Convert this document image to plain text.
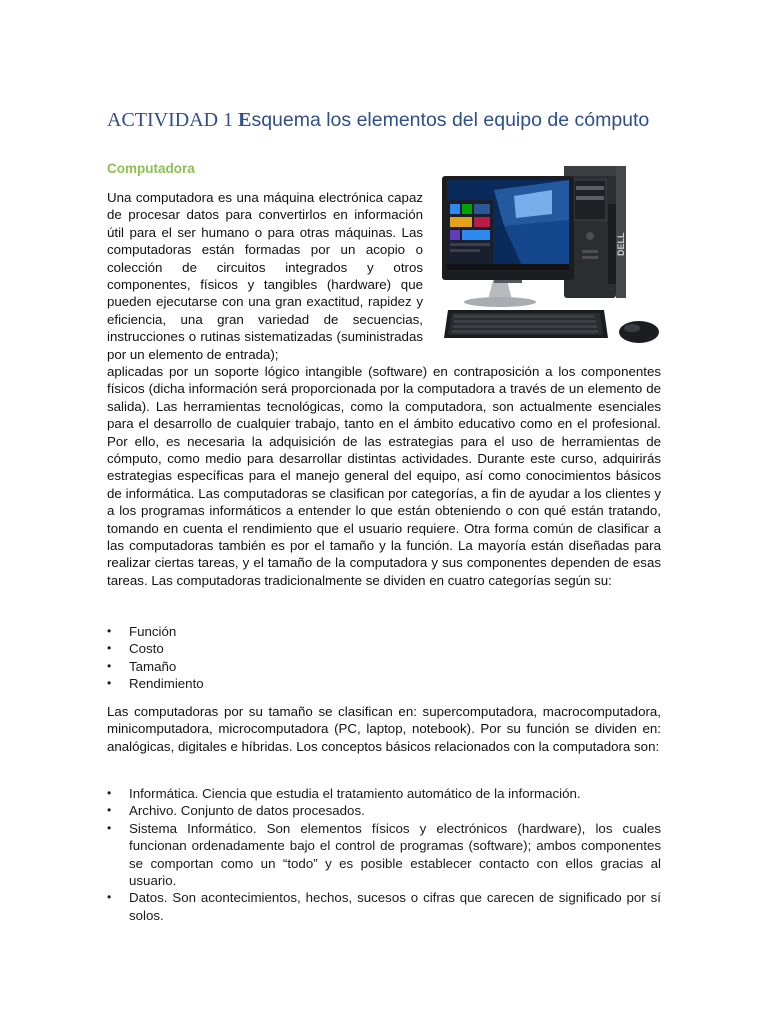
ACTIVIDAD 1 Esquema los elementos del equipo de cómputo
Computadora
DELL
Una computadora es una máquina electrónica capaz de procesar datos para convertirlos en información útil para el ser humano o para otras máquinas. Las computadoras están formadas por un acopio o colección de circuitos integrados y otros componentes, físicos y tangibles (hardware) que pueden ejecutarse con una gran exactitud, rapidez y eficiencia, una gran variedad de secuencias, instrucciones o rutinas sistematizadas (suministradas por un elemento de entrada);
aplicadas por un soporte lógico intangible (software) en contraposición a los componentes físicos (dicha información será proporcionada por la computadora a través de un elemento de salida). Las herramientas tecnológicas, como la computadora, son actualmente esenciales para el desarrollo de cualquier trabajo, tanto en el ámbito educativo como en el profesional. Por ello, es necesaria la adquisición de las estrategias para el uso de herramientas de cómputo, como medio para desarrollar distintas actividades. Durante este curso, adquirirás estrategias específicas para el manejo general del equipo, así como conocimientos básicos de informática. Las computadoras se clasifican por categorías, a fin de ayudar a los clientes y a los programas informáticos a entender lo que están obteniendo o con qué están tratando, tomando en cuenta el rendimiento que el usuario requiere. Otra forma común de clasificar a las computadoras también es por el tamaño y la función. La mayoría están diseñadas para realizar ciertas tareas, y el tamaño de la computadora y sus componentes dependen de esas tareas. Las computadoras tradicionalmente se dividen en cuatro categorías según su:
•	Función
•	Costo
•	Tamaño
•	Rendimiento
Las computadoras por su tamaño se clasifican en: supercomputadora, macrocomputadora, minicomputadora, microcomputadora (PC, laptop, notebook). Por su función se dividen en: analógicas, digitales e híbridas. Los conceptos básicos relacionados con la computadora son:
•	Informática. Ciencia que estudia el tratamiento automático de la información.
•	Archivo. Conjunto de datos procesados.
•	Sistema Informático. Son elementos físicos y electrónicos (hardware), los cuales funcionan ordenadamente bajo el control de programas (software); ambos componentes se comportan como un “todo” y es posible establecer contacto con ellos gracias al usuario.
•	Datos. Son acontecimientos, hechos, sucesos o cifras que carecen de significado por sí solos.
